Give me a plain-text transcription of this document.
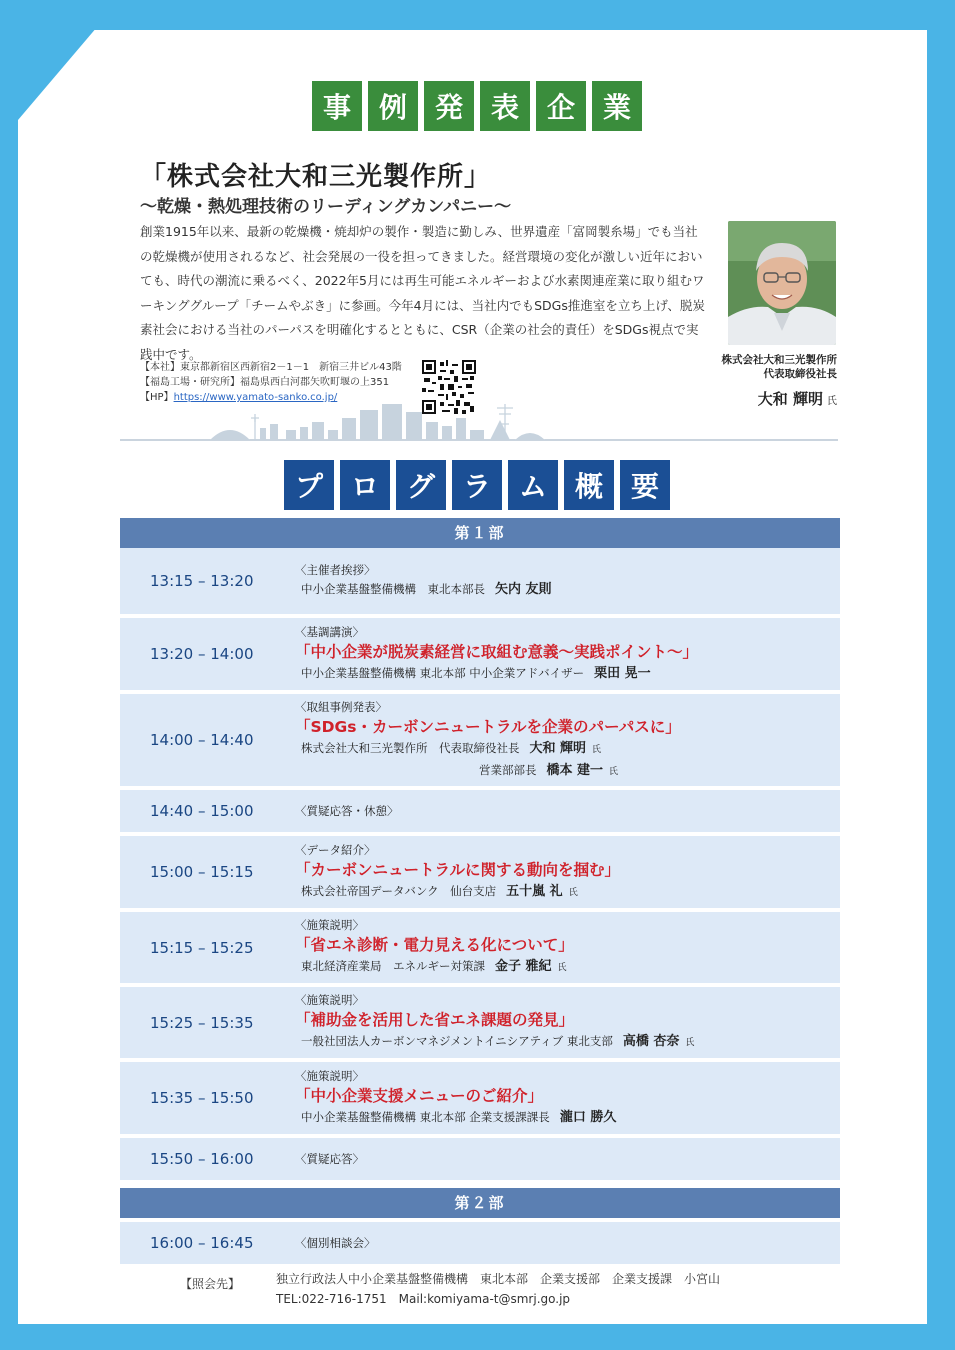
事 例 発 表 企 業
「株式会社大和三光製作所」
～乾燥・熱処理技術のリーディングカンパニー～
創業1915年以来、最新の乾燥機・焼却炉の製作・製造に勤しみ、世界遺産「富岡製糸場」でも当社の乾燥機が使用されるなど、社会発展の一役を担ってきました。経営環境の変化が激しい近年においても、時代の潮流に乗るべく、2022年5月には再生可能エネルギーおよび水素関連産業に取り組むワーキンググループ「チームやぶき」に参画。今年4月には、当社内でもSDGs推進室を立ち上げ、脱炭素社会における当社のパーパスを明確化するとともに、CSR（企業の社会的責任）をSDGs視点で実践中です。
【本社】東京都新宿区西新宿2－1－1　新宿三井ビル43階
【福島工場・研究所】福島県西白河郡矢吹町堰の上351
【HP】https://www.yamato-sanko.co.jp/
株式会社大和三光製作所
代表取締役社長
大和 輝明 氏
プ ロ グ ラ ム 概 要
第１部
13:15 – 13:20
〈主催者挨拶〉
中小企業基盤整備機構　東北本部長 矢内 友則
13:20 – 14:00
〈基調講演〉
「中小企業が脱炭素経営に取組む意義～実践ポイント～」
中小企業基盤整備機構 東北本部 中小企業アドバイザー 栗田 晃一
14:00 – 14:40
〈取組事例発表〉
「SDGs・カーボンニュートラルを企業のパーパスに」
株式会社大和三光製作所　代表取締役社長 大和 輝明 氏
営業部部長 橋本 建一 氏
14:40 – 15:00	〈質疑応答・休憩〉
15:00 – 15:15
〈データ紹介〉
「カーボンニュートラルに関する動向を掴む」
株式会社帝国データバンク　仙台支店 五十嵐 礼 氏
15:15 – 15:25
〈施策説明〉
「省エネ診断・電力見える化について」
東北経済産業局　エネルギー対策課 金子 雅紀 氏
15:25 – 15:35
〈施策説明〉
「補助金を活用した省エネ課題の発見」
一般社団法人カーボンマネジメントイニシアティブ 東北支部 高橋 杏奈 氏
15:35 – 15:50
〈施策説明〉
「中小企業支援メニューのご紹介」
中小企業基盤整備機構 東北本部 企業支援課課長 瀧口 勝久
15:50 – 16:00	〈質疑応答〉
第２部
16:00 – 16:45	〈個別相談会〉
【照会先】	独立行政法人中小企業基盤整備機構　東北本部　企業支援部　企業支援課　小宮山
TEL:022-716-1751　Mail:komiyama-t@smrj.go.jp
